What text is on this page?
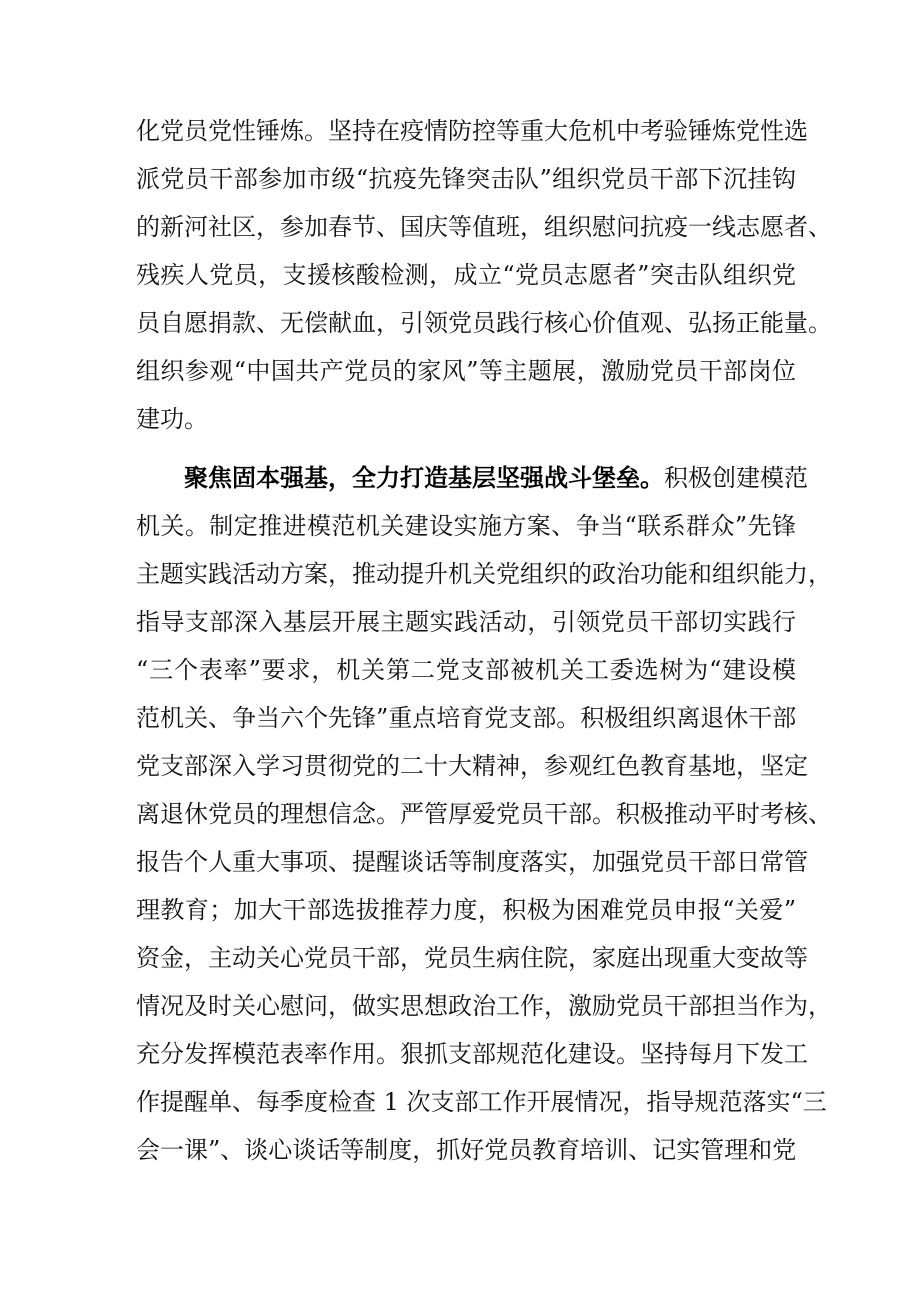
化党员党性锤炼。坚持在疫情防控等重大危机中考验锤炼党性选
派党员干部参加市级“抗疫先锋突击队”组织党员干部下沉挂钩
的新河社区，参加春节、国庆等值班，组织慰问抗疫一线志愿者、
残疾人党员，支援核酸检测，成立“党员志愿者”突击队组织党
员自愿捐款、无偿献血，引领党员践行核心价值观、弘扬正能量。
组织参观“中国共产党员的家风”等主题展，激励党员干部岗位
建功。
聚焦固本强基，全力打造基层坚强战斗堡垒。积极创建模范
机关。制定推进模范机关建设实施方案、争当“联系群众”先锋
主题实践活动方案，推动提升机关党组织的政治功能和组织能力，
指导支部深入基层开展主题实践活动，引领党员干部切实践行
“三个表率”要求，机关第二党支部被机关工委选树为“建设模
范机关、争当六个先锋”重点培育党支部。积极组织离退休干部
党支部深入学习贯彻党的二十大精神，参观红色教育基地，坚定
离退休党员的理想信念。严管厚爱党员干部。积极推动平时考核、
报告个人重大事项、提醒谈话等制度落实，加强党员干部日常管
理教育；加大干部选拔推荐力度，积极为困难党员申报“关爱”
资金，主动关心党员干部，党员生病住院，家庭出现重大变故等
情况及时关心慰问，做实思想政治工作，激励党员干部担当作为，
充分发挥模范表率作用。狠抓支部规范化建设。坚持每月下发工
作提醒单、每季度检查 1 次支部工作开展情况，指导规范落实“三
会一课”、谈心谈话等制度，抓好党员教育培训、记实管理和党
